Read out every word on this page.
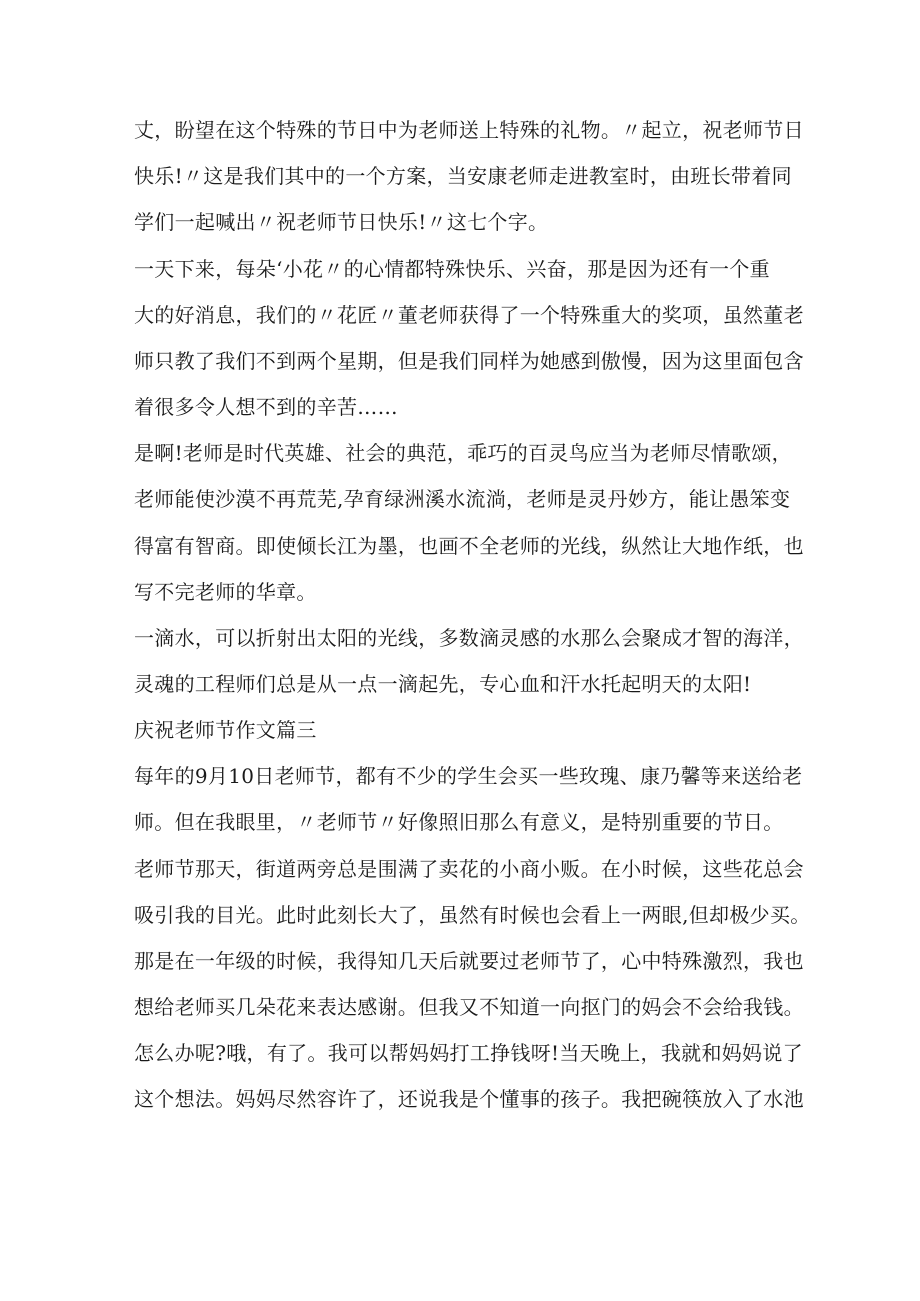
丈，盼望在这个特殊的节日中为老师送上特殊的礼物。〃起立，祝老师节日
快乐!〃这是我们其中的一个方案，当安康老师走进教室时，由班长带着同
学们一起喊出〃祝老师节日快乐!〃这七个字。
一天下来，每朵‘小花〃的心情都特殊快乐、兴奋，那是因为还有一个重
大的好消息，我们的〃花匠〃董老师获得了一个特殊重大的奖项，虽然董老
师只教了我们不到两个星期，但是我们同样为她感到傲慢，因为这里面包含
着很多令人想不到的辛苦……
是啊!老师是时代英雄、社会的典范，乖巧的百灵鸟应当为老师尽情歌颂，
老师能使沙漠不再荒芜,孕育绿洲溪水流淌，老师是灵丹妙方，能让愚笨变
得富有智商。即使倾长江为墨，也画不全老师的光线，纵然让大地作纸，也
写不完老师的华章。
一滴水，可以折射出太阳的光线，多数滴灵感的水那么会聚成才智的海洋，
灵魂的工程师们总是从一点一滴起先，专心血和汗水托起明天的太阳!
庆祝老师节作文篇三
每年的9月10日老师节，都有不少的学生会买一些玫瑰、康乃馨等来送给老
师。但在我眼里，〃老师节〃好像照旧那么有意义，是特别重要的节日。
老师节那天，街道两旁总是围满了卖花的小商小贩。在小时候，这些花总会
吸引我的目光。此时此刻长大了，虽然有时候也会看上一两眼,但却极少买。
那是在一年级的时候，我得知几天后就要过老师节了，心中特殊激烈，我也
想给老师买几朵花来表达感谢。但我又不知道一向抠门的妈会不会给我钱。
怎么办呢?哦，有了。我可以帮妈妈打工挣钱呀!当天晚上，我就和妈妈说了
这个想法。妈妈尽然容许了，还说我是个懂事的孩子。我把碗筷放入了水池
